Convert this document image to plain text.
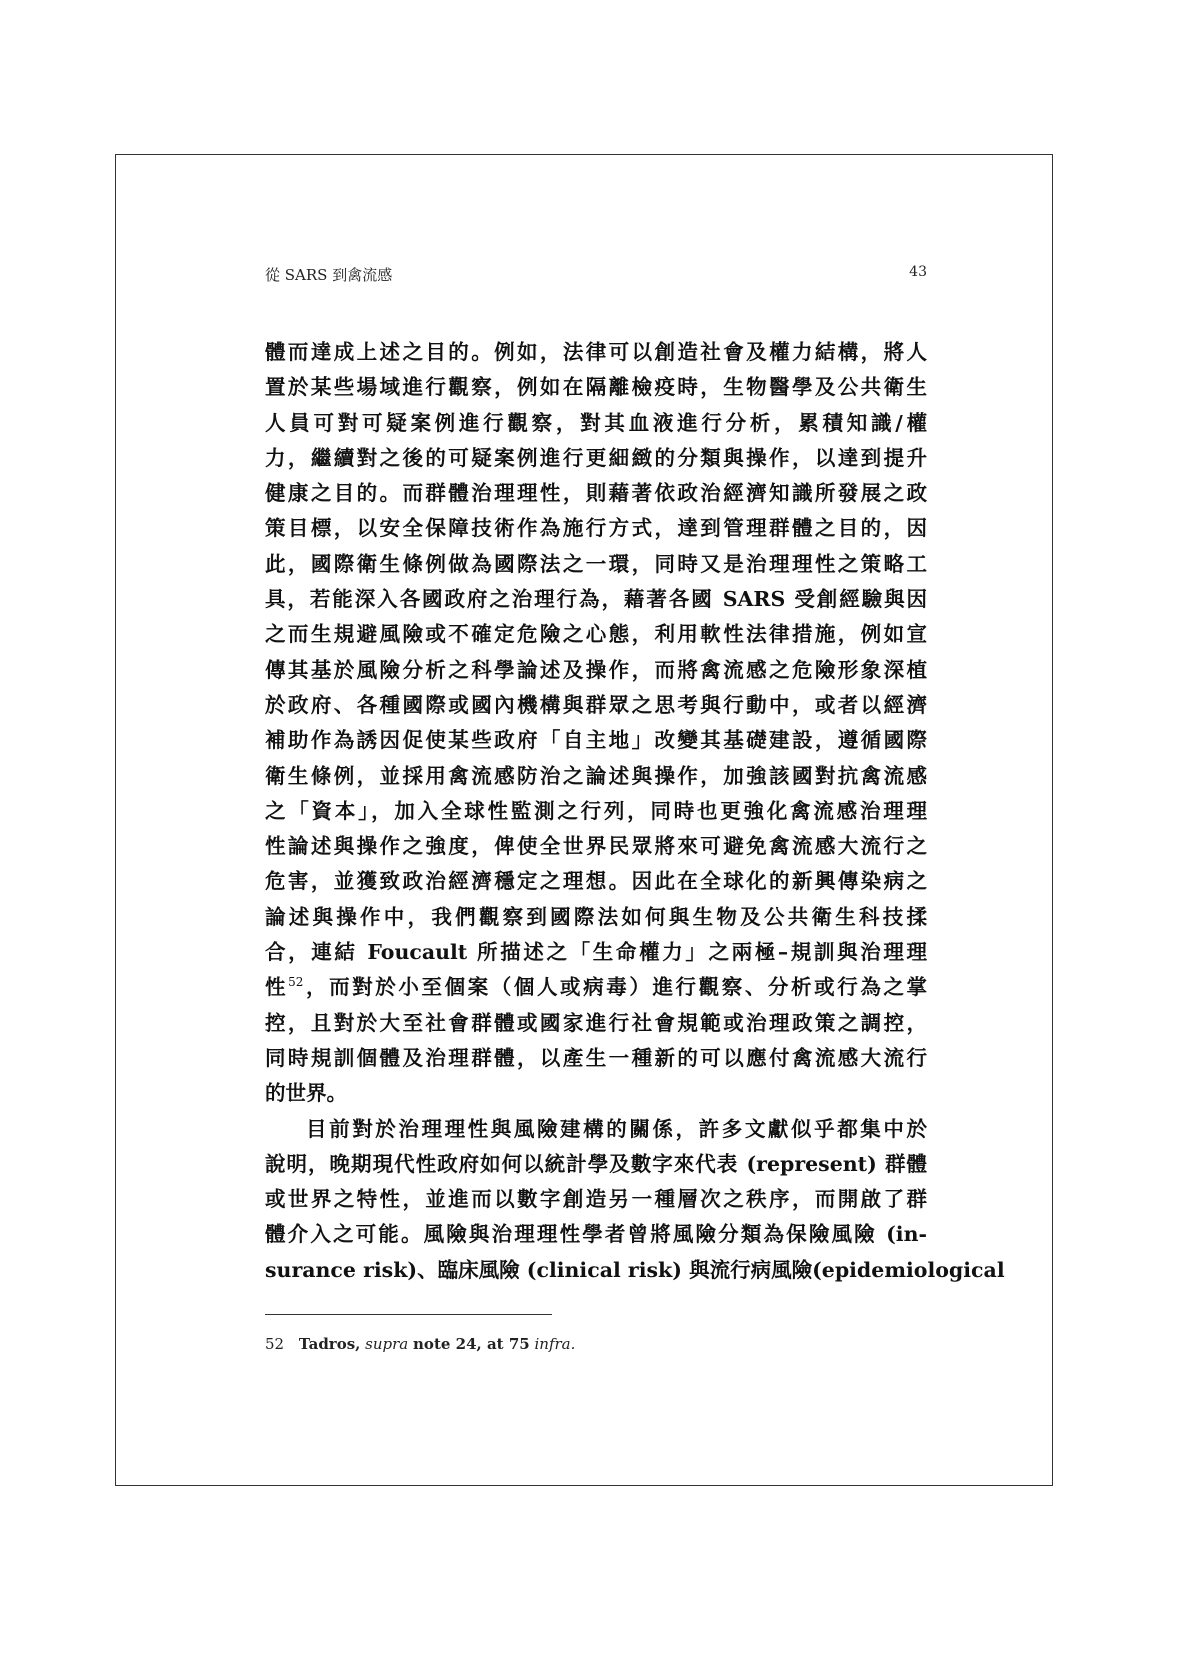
從 SARS 到禽流感	43
體而達成上述之目的。例如，法律可以創造社會及權力結構，將人
置於某些場域進行觀察，例如在隔離檢疫時，生物醫學及公共衛生
人員可對可疑案例進行觀察，對其血液進行分析，累積知識/權
力，繼續對之後的可疑案例進行更細緻的分類與操作，以達到提升
健康之目的。而群體治理理性，則藉著依政治經濟知識所發展之政
策目標，以安全保障技術作為施行方式，達到管理群體之目的，因
此，國際衛生條例做為國際法之一環，同時又是治理理性之策略工
具，若能深入各國政府之治理行為，藉著各國 SARS 受創經驗與因
之而生規避風險或不確定危險之心態，利用軟性法律措施，例如宣
傳其基於風險分析之科學論述及操作，而將禽流感之危險形象深植
於政府、各種國際或國內機構與群眾之思考與行動中，或者以經濟
補助作為誘因促使某些政府「自主地」改變其基礎建設，遵循國際
衛生條例，並採用禽流感防治之論述與操作，加強該國對抗禽流感
之「資本」，加入全球性監測之行列，同時也更強化禽流感治理理
性論述與操作之強度，俾使全世界民眾將來可避免禽流感大流行之
危害，並獲致政治經濟穩定之理想。因此在全球化的新興傳染病之
論述與操作中，我們觀察到國際法如何與生物及公共衛生科技揉
合，連結 Foucault 所描述之「生命權力」之兩極–規訓與治理理
性$^{52}$，而對於小至個案（個人或病毒）進行觀察、分析或行為之掌
控，且對於大至社會群體或國家進行社會規範或治理政策之調控，
同時規訓個體及治理群體，以產生一種新的可以應付禽流感大流行
的世界。
目前對於治理理性與風險建構的關係，許多文獻似乎都集中於
說明，晚期現代性政府如何以統計學及數字來代表 (represent) 群體
或世界之特性，並進而以數字創造另一種層次之秩序，而開啟了群
體介入之可能。風險與治理理性學者曾將風險分類為保險風險 (in-
surance risk)、臨床風險 (clinical risk) 與流行病風險(epidemiological
52 Tadros, supra note 24, at 75 infra.
